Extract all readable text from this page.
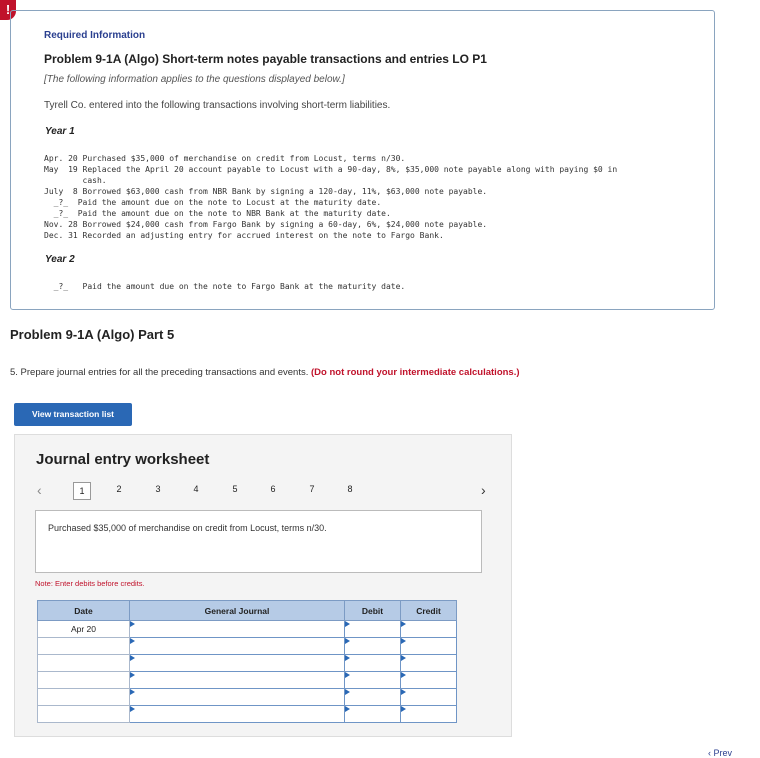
!
Required Information
Problem 9-1A (Algo) Short-term notes payable transactions and entries LO P1
[The following information applies to the questions displayed below.]
Tyrell Co. entered into the following transactions involving short-term liabilities.
Year 1
Apr. 20 Purchased $35,000 of merchandise on credit from Locust, terms n/30.
May  19 Replaced the April 20 account payable to Locust with a 90-day, 8%, $35,000 note payable along with paying $0 in
cash.
July  8 Borrowed $63,000 cash from NBR Bank by signing a 120-day, 11%, $63,000 note payable.
_?_  Paid the amount due on the note to Locust at the maturity date.
_?_  Paid the amount due on the note to NBR Bank at the maturity date.
Nov. 28 Borrowed $24,000 cash from Fargo Bank by signing a 60-day, 6%, $24,000 note payable.
Dec. 31 Recorded an adjusting entry for accrued interest on the note to Fargo Bank.
Year 2
_?_   Paid the amount due on the note to Fargo Bank at the maturity date.
Problem 9-1A (Algo) Part 5
5. Prepare journal entries for all the preceding transactions and events. (Do not round your intermediate calculations.)
View transaction list
Journal entry worksheet
‹	1	2	3	4	5	6	7	8	›
Purchased $35,000 of merchandise on credit from Locust, terms n/30.
Note: Enter debits before credits.
Date	General Journal	Debit	Credit
Apr 20			

‹ Prev
